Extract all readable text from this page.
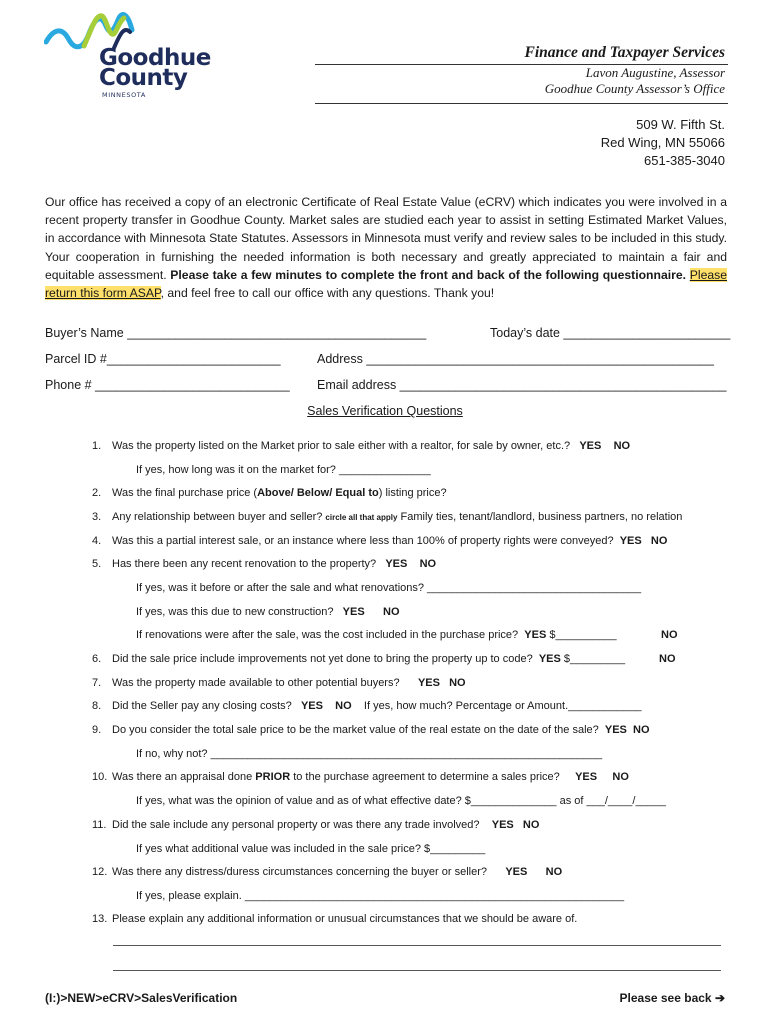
Goodhue
County
MINNESOTA
Finance and Taxpayer Services
Lavon Augustine, Assessor
Goodhue County Assessor’s Office
509 W. Fifth St.
Red Wing, MN 55066
651-385-3040
Our office has received a copy of an electronic Certificate of Real Estate Value (eCRV) which indicates you were involved in a recent property transfer in Goodhue County. Market sales are studied each year to assist in setting Estimated Market Values, in accordance with Minnesota State Statutes. Assessors in Minnesota must verify and review sales to be included in this study. Your cooperation in furnishing the needed information is both necessary and greatly appreciated to maintain a fair and equitable assessment. Please take a few minutes to complete the front and back of the following questionnaire. Please return this form ASAP, and feel free to call our office with any questions. Thank you!
Buyer’s Name ___________________________________________	Today’s date ________________________
Parcel ID #_________________________	Address __________________________________________________
Phone # ____________________________ Email address _______________________________________________
Sales Verification Questions
1. Was the property listed on the Market prior to sale either with a realtor, for sale by owner, etc.? YES    NO
If yes, how long was it on the market for? _______________
2. Was the final purchase price (Above/ Below/ Equal to) listing price?
3. Any relationship between buyer and seller? circle all that apply Family ties, tenant/landlord, business partners, no relation
4. Was this a partial interest sale, or an instance where less than 100% of property rights were conveyed? YES   NO
5. Has there been any recent renovation to the property? YES    NO
If yes, was it before or after the sale and what renovations? ___________________________________
If yes, was this due to new construction? YES      NO
If renovations were after the sale, was the cost included in the purchase price? YES $__________	NO
6. Did the sale price include improvements not yet done to bring the property up to code? YES $_________	NO
7. Was the property made available to other potential buyers? YES   NO
8. Did the Seller pay any closing costs? YES    NO If yes, how much? Percentage or Amount.____________
9. Do you consider the total sale price to be the market value of the real estate on the date of the sale? YES  NO
If no, why not? ________________________________________________________________
10. Was there an appraisal done PRIOR to the purchase agreement to determine a sales price? YES     NO
If yes, what was the opinion of value and as of what effective date? $______________ as of ___/____/_____
11. Did the sale include any personal property or was there any trade involved? YES   NO
If yes what additional value was included in the sale price? $_________
12. Was there any distress/duress circumstances concerning the buyer or seller? YES      NO
If yes, please explain. ______________________________________________________________
13. Please explain any additional information or unusual circumstances that we should be aware of.
(I:)>NEW>eCRV>SalesVerification	Please see back ➔
